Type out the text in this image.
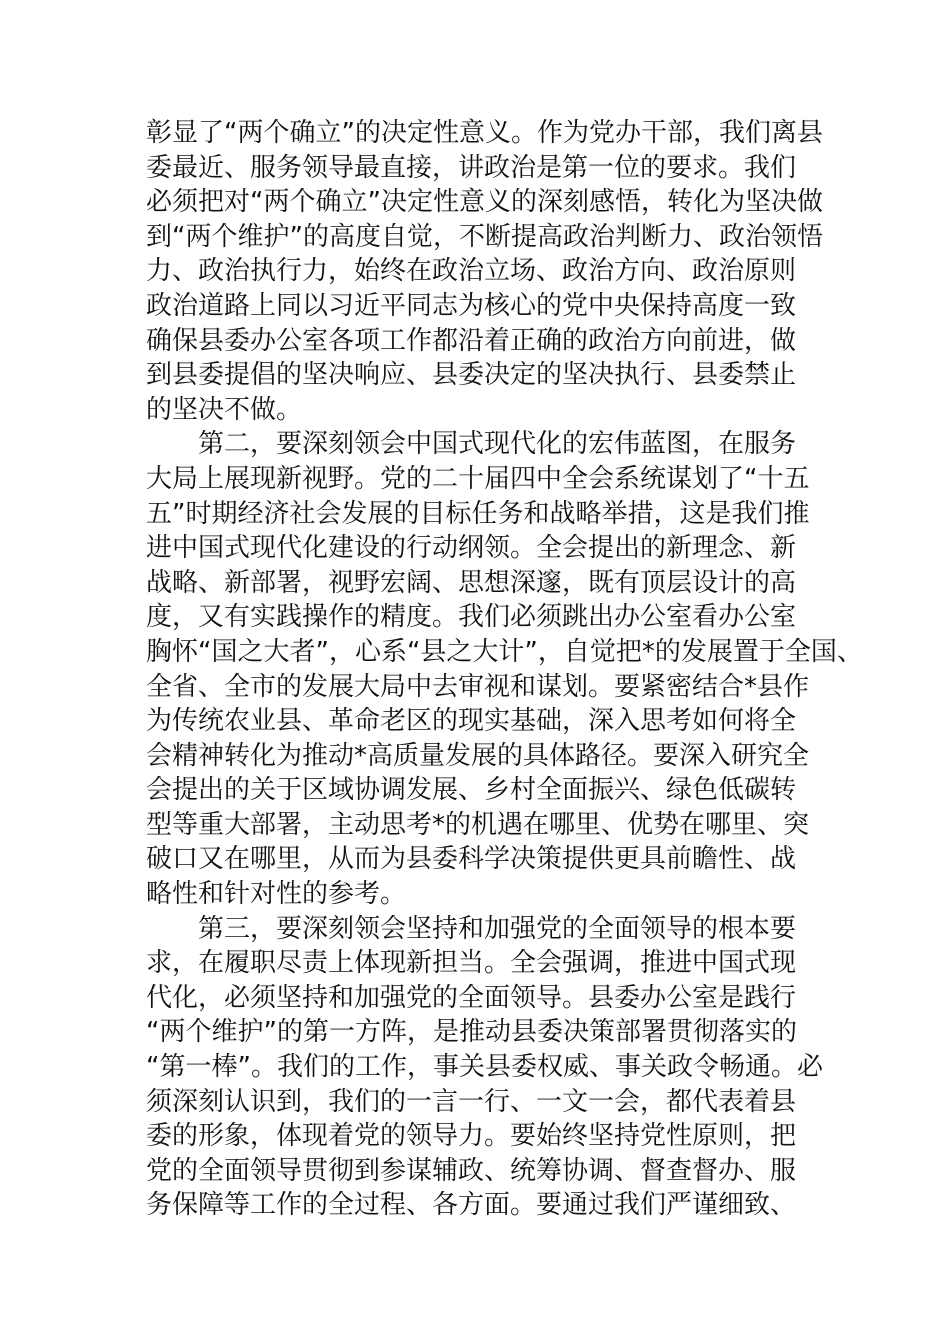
彰显了“两个确立”的决定性意义。作为党办干部，我们离县
委最近、服务领导最直接，讲政治是第一位的要求。我们
必须把对“两个确立”决定性意义的深刻感悟，转化为坚决做
到“两个维护”的高度自觉，不断提高政治判断力、政治领悟
力、政治执行力，始终在政治立场、政治方向、政治原则
政治道路上同以习近平同志为核心的党中央保持高度一致
确保县委办公室各项工作都沿着正确的政治方向前进，做
到县委提倡的坚决响应、县委决定的坚决执行、县委禁止
的坚决不做。
　　第二，要深刻领会中国式现代化的宏伟蓝图，在服务
大局上展现新视野。党的二十届四中全会系统谋划了“十五
五”时期经济社会发展的目标任务和战略举措，这是我们推
进中国式现代化建设的行动纲领。全会提出的新理念、新
战略、新部署，视野宏阔、思想深邃，既有顶层设计的高
度，又有实践操作的精度。我们必须跳出办公室看办公室
胸怀“国之大者”，心系“县之大计”，自觉把*的发展置于全国、
全省、全市的发展大局中去审视和谋划。要紧密结合*县作
为传统农业县、革命老区的现实基础，深入思考如何将全
会精神转化为推动*高质量发展的具体路径。要深入研究全
会提出的关于区域协调发展、乡村全面振兴、绿色低碳转
型等重大部署，主动思考*的机遇在哪里、优势在哪里、突
破口又在哪里，从而为县委科学决策提供更具前瞻性、战
略性和针对性的参考。
　　第三，要深刻领会坚持和加强党的全面领导的根本要
求，在履职尽责上体现新担当。全会强调，推进中国式现
代化，必须坚持和加强党的全面领导。县委办公室是践行
“两个维护”的第一方阵，是推动县委决策部署贯彻落实的
“第一棒”。我们的工作，事关县委权威、事关政令畅通。必
须深刻认识到，我们的一言一行、一文一会，都代表着县
委的形象，体现着党的领导力。要始终坚持党性原则，把
党的全面领导贯彻到参谋辅政、统筹协调、督查督办、服
务保障等工作的全过程、各方面。要通过我们严谨细致、
